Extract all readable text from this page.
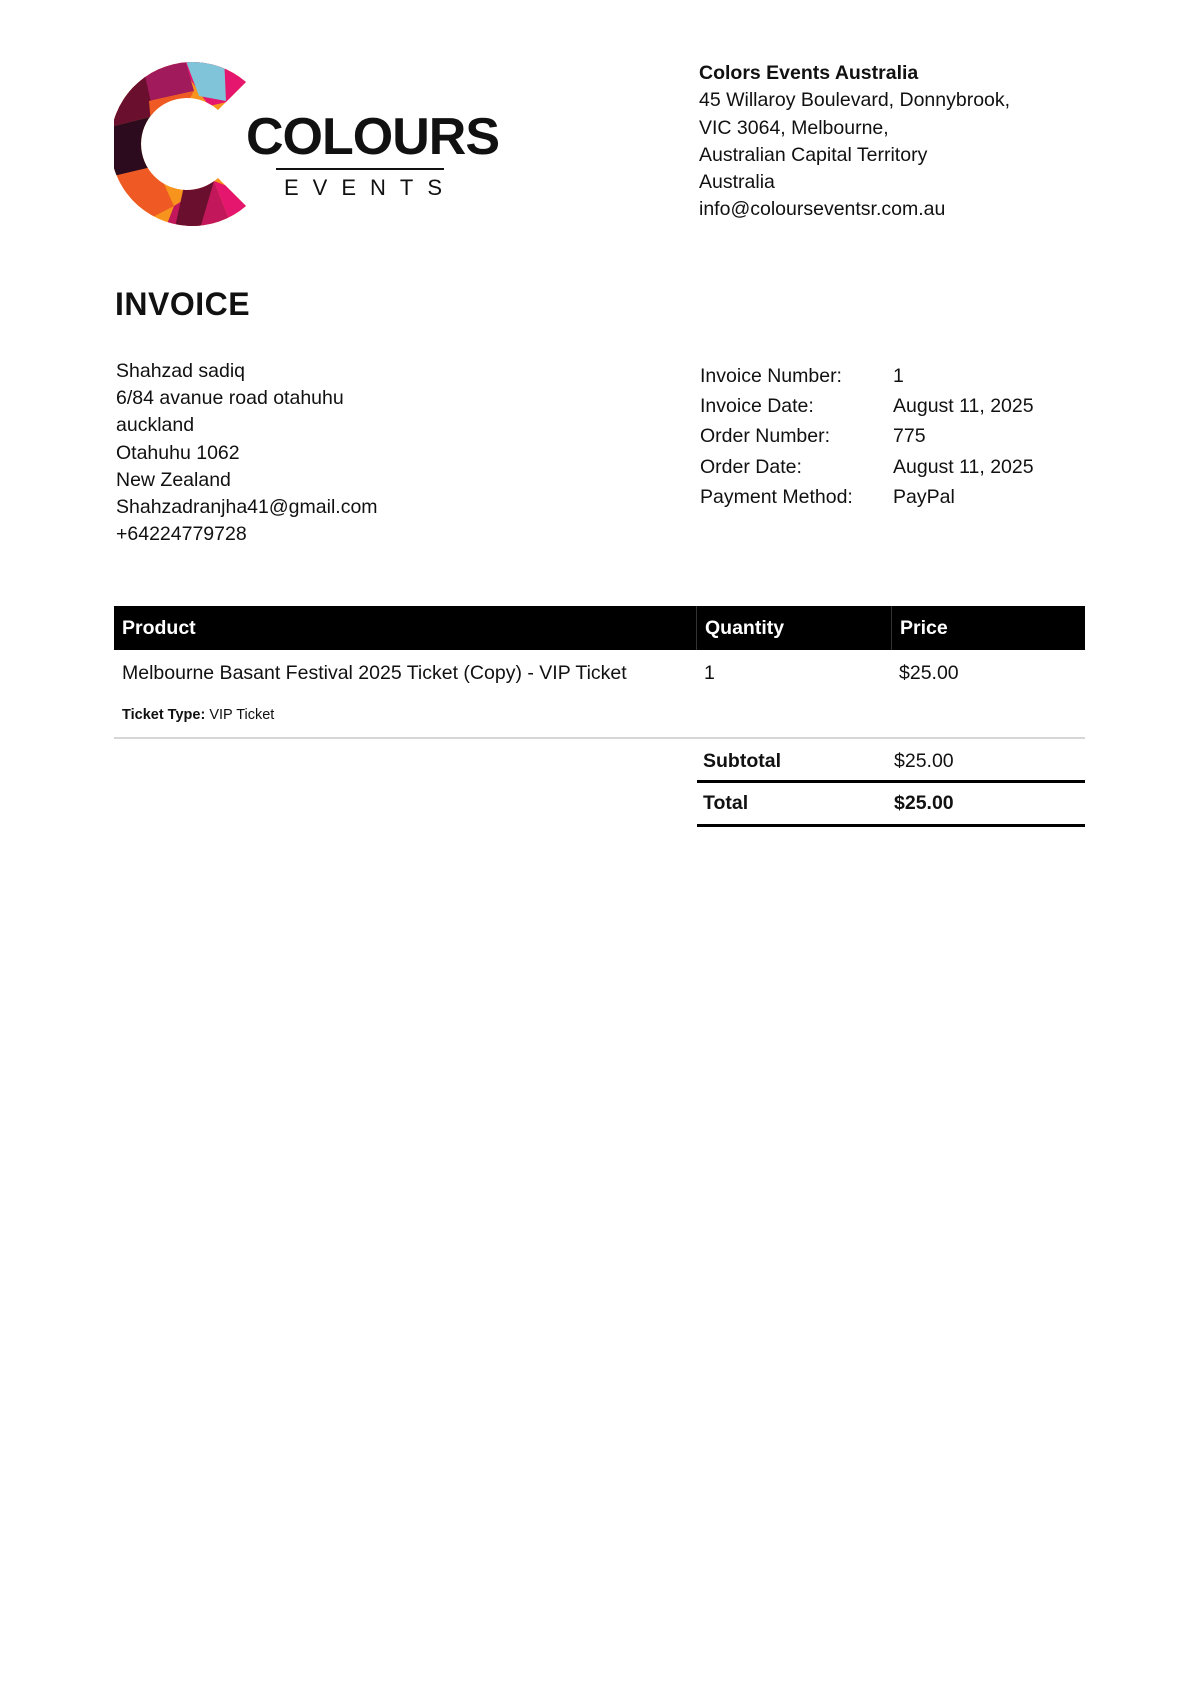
COLOURS
EVENTS
Colors Events Australia
45 Willaroy Boulevard, Donnybrook,
VIC 3064, Melbourne,
Australian Capital Territory
Australia
info@colourseventsr.com.au
INVOICE
Shahzad sadiq
6/84 avanue road otahuhu
auckland
Otahuhu 1062
New Zealand
Shahzadranjha41@gmail.com
+64224779728
Invoice Number:	1
Invoice Date:	August 11, 2025
Order Number:	775
Order Date:	August 11, 2025
Payment Method:	PayPal
Product	Quantity	Price
Melbourne Basant Festival 2025 Ticket (Copy) - VIP Ticket	1	$25.00
Ticket Type: VIP Ticket
Subtotal	$25.00
Total	$25.00
